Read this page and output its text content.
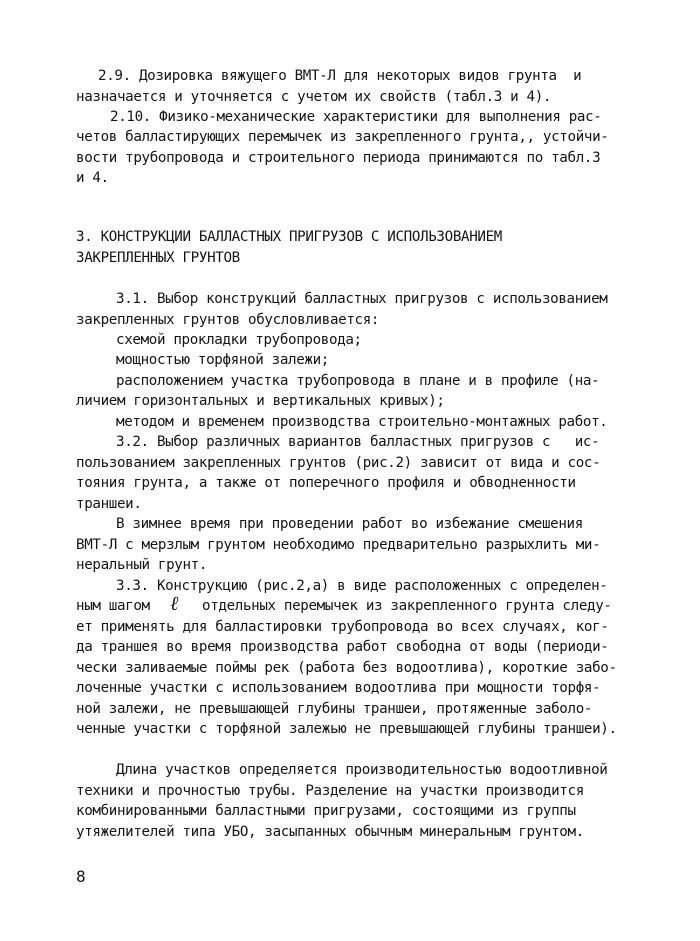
2.9. Дозировка вяжущего ВМТ-Л для некоторых видов грунта  и
назначается и уточняется с учетом их свойств (табл.3 и 4).
2.10. Физико-механические характеристики для выполнения рас-
четов балластирующих перемычек из закрепленного грунта,, устойчи-
вости трубопровода и строительного периода принимаются по табл.3
и 4.
3. КОНСТРУКЦИИ БАЛЛАСТНЫХ ПРИГРУЗОВ С ИСПОЛЬЗОВАНИЕМ
ЗАКРЕПЛЕННЫХ ГРУНТОВ
3.1. Выбор конструкций балластных пригрузов с использованием
закрепленных грунтов обусловливается:
схемой прокладки трубопровода;
мощностью торфяной залежи;
расположением участка трубопровода в плане и в профиле (на-
личием горизонтальных и вертикальных кривых);
методом и временем производства строительно-монтажных работ.
3.2. Выбор различных вариантов балластных пригрузов с   ис-
пользованием закрепленных грунтов (рис.2) зависит от вида и сос-
тояния грунта, а также от поперечного профиля и обводненности
траншеи.
В зимнее время при проведении работ во избежание смешения
ВМТ-Л с мерзлым грунтом необходимо предварительно разрыхлить ми-
неральный грунт.
3.3. Конструкцию (рис.2,а) в виде расположенных с определен-
ным шагом ℓ отдельных перемычек из закрепленного грунта следу-
ет применять для балластировки трубопровода во всех случаях, ког-
да траншея во время производства работ свободна от воды (периоди-
чески заливаемые поймы рек (работа без водоотлива), короткие забо-
лоченные участки с использованием водоотлива при мощности торфя-
ной залежи, не превышающей глубины траншеи, протяженные заболо-
ченные участки с торфяной залежью не превышающей глубины траншеи).
Длина участков определяется производительностью водоотливной
техники и прочностью трубы. Разделение на участки производится
комбинированными балластными пригрузами, состоящими из группы
утяжелителей типа УБО, засыпанных обычным минеральным грунтом.
8
